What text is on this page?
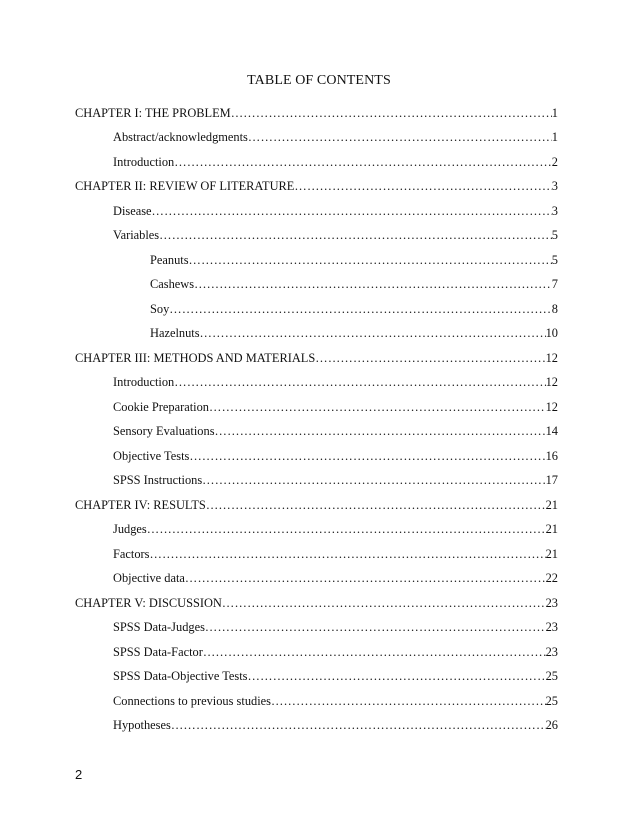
TABLE OF CONTENTS
CHAPTER I: THE PROBLEM …………………………………………………………………………………………………………………………………………………………………………	1
Abstract/acknowledgments …………………………………………………………………………………………………………………………………………………………………………	1
Introduction …………………………………………………………………………………………………………………………………………………………………………	2
CHAPTER II: REVIEW OF LITERATURE …………………………………………………………………………………………………………………………………………………………………………	3
Disease …………………………………………………………………………………………………………………………………………………………………………	3
Variables …………………………………………………………………………………………………………………………………………………………………………	5
Peanuts …………………………………………………………………………………………………………………………………………………………………………	5
Cashews …………………………………………………………………………………………………………………………………………………………………………	7
Soy …………………………………………………………………………………………………………………………………………………………………………	8
Hazelnuts …………………………………………………………………………………………………………………………………………………………………………	10
CHAPTER III: METHODS AND MATERIALS …………………………………………………………………………………………………………………………………………………………………………	12
Introduction …………………………………………………………………………………………………………………………………………………………………………	12
Cookie Preparation …………………………………………………………………………………………………………………………………………………………………………	12
Sensory Evaluations …………………………………………………………………………………………………………………………………………………………………………	14
Objective Tests …………………………………………………………………………………………………………………………………………………………………………	16
SPSS Instructions …………………………………………………………………………………………………………………………………………………………………………	17
CHAPTER IV: RESULTS …………………………………………………………………………………………………………………………………………………………………………	21
Judges …………………………………………………………………………………………………………………………………………………………………………	21
Factors …………………………………………………………………………………………………………………………………………………………………………	21
Objective data …………………………………………………………………………………………………………………………………………………………………………	22
CHAPTER V: DISCUSSION …………………………………………………………………………………………………………………………………………………………………………	23
SPSS Data-Judges …………………………………………………………………………………………………………………………………………………………………………	23
SPSS Data-Factor …………………………………………………………………………………………………………………………………………………………………………	23
SPSS Data-Objective Tests …………………………………………………………………………………………………………………………………………………………………………	25
Connections to previous studies …………………………………………………………………………………………………………………………………………………………………………	25
Hypotheses …………………………………………………………………………………………………………………………………………………………………………	26
2
